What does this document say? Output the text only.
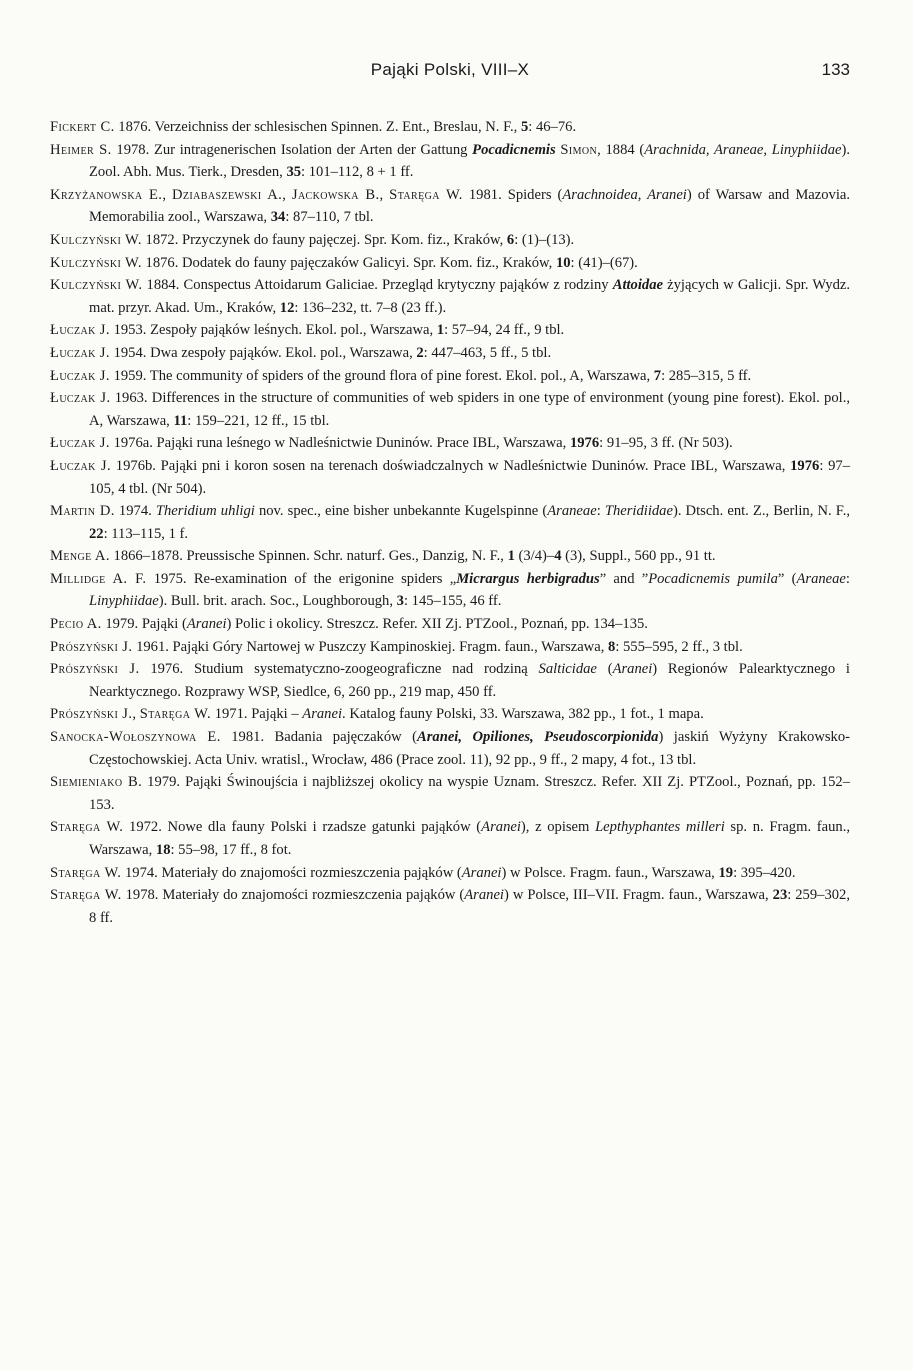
Pająki Polski, VIII–X	133

Fickert C. 1876. Verzeichniss der schlesischen Spinnen. Z. Ent., Breslau, N. F., 5: 46–76.

Heimer S. 1978. Zur intragenerischen Isolation der Arten der Gattung Pocadicnemis Simon, 1884 (Arachnida, Araneae, Linyphiidae). Zool. Abh. Mus. Tierk., Dresden, 35: 101–112, 8 + 1 ff.

Krzyżanowska E., Dziabaszewski A., Jackowska B., Staręga W. 1981. Spiders (Arachnoidea, Aranei) of Warsaw and Mazovia. Memorabilia zool., Warszawa, 34: 87–110, 7 tbl.

Kulczyński W. 1872. Przyczynek do fauny pajęczej. Spr. Kom. fiz., Kraków, 6: (1)–(13).

Kulczyński W. 1876. Dodatek do fauny pajęczaków Galicyi. Spr. Kom. fiz., Kraków, 10: (41)–(67).

Kulczyński W. 1884. Conspectus Attoidarum Galiciae. Przegląd krytyczny pająków z rodziny Attoidae żyjących w Galicji. Spr. Wydz. mat. przyr. Akad. Um., Kraków, 12: 136–232, tt. 7–8 (23 ff.).

Łuczak J. 1953. Zespoły pająków leśnych. Ekol. pol., Warszawa, 1: 57–94, 24 ff., 9 tbl.

Łuczak J. 1954. Dwa zespoły pająków. Ekol. pol., Warszawa, 2: 447–463, 5 ff., 5 tbl.

Łuczak J. 1959. The community of spiders of the ground flora of pine forest. Ekol. pol., A, Warszawa, 7: 285–315, 5 ff.

Łuczak J. 1963. Differences in the structure of communities of web spiders in one type of environment (young pine forest). Ekol. pol., A, Warszawa, 11: 159–221, 12 ff., 15 tbl.

Łuczak J. 1976a. Pająki runa leśnego w Nadleśnictwie Duninów. Prace IBL, Warszawa, 1976: 91–95, 3 ff. (Nr 503).

Łuczak J. 1976b. Pająki pni i koron sosen na terenach doświadczalnych w Nadleśnictwie Duninów. Prace IBL, Warszawa, 1976: 97–105, 4 tbl. (Nr 504).

Martin D. 1974. Theridium uhligi nov. spec., eine bisher unbekannte Kugelspinne (Araneae: Theridiidae). Dtsch. ent. Z., Berlin, N. F., 22: 113–115, 1 f.

Menge A. 1866–1878. Preussische Spinnen. Schr. naturf. Ges., Danzig, N. F., 1 (3/4)–4 (3), Suppl., 560 pp., 91 tt.

Millidge A. F. 1975. Re-examination of the erigonine spiders „Micrargus herbigradus” and ”Pocadicnemis pumila” (Araneae: Linyphiidae). Bull. brit. arach. Soc., Loughborough, 3: 145–155, 46 ff.

Pecio A. 1979. Pająki (Aranei) Polic i okolicy. Streszcz. Refer. XII Zj. PTZool., Poznań, pp. 134–135.

Prószyński J. 1961. Pająki Góry Nartowej w Puszczy Kampinoskiej. Fragm. faun., Warszawa, 8: 555–595, 2 ff., 3 tbl.

Prószyński J. 1976. Studium systematyczno-zoogeograficzne nad rodziną Salticidae (Aranei) Regionów Palearktycznego i Nearktycznego. Rozprawy WSP, Siedlce, 6, 260 pp., 219 map, 450 ff.

Prószyński J., Staręga W. 1971. Pająki – Aranei. Katalog fauny Polski, 33. Warszawa, 382 pp., 1 fot., 1 mapa.

Sanocka-Wołoszynowa E. 1981. Badania pajęczaków (Aranei, Opiliones, Pseudoscorpionida) jaskiń Wyżyny Krakowsko-Częstochowskiej. Acta Univ. wratisl., Wrocław, 486 (Prace zool. 11), 92 pp., 9 ff., 2 mapy, 4 fot., 13 tbl.

Siemieniako B. 1979. Pająki Świnoujścia i najbliższej okolicy na wyspie Uznam. Streszcz. Refer. XII Zj. PTZool., Poznań, pp. 152–153.

Staręga W. 1972. Nowe dla fauny Polski i rzadsze gatunki pająków (Aranei), z opisem Lepthyphantes milleri sp. n. Fragm. faun., Warszawa, 18: 55–98, 17 ff., 8 fot.

Staręga W. 1974. Materiały do znajomości rozmieszczenia pająków (Aranei) w Polsce. Fragm. faun., Warszawa, 19: 395–420.

Staręga W. 1978. Materiały do znajomości rozmieszczenia pająków (Aranei) w Polsce, III–VII. Fragm. faun., Warszawa, 23: 259–302, 8 ff.
